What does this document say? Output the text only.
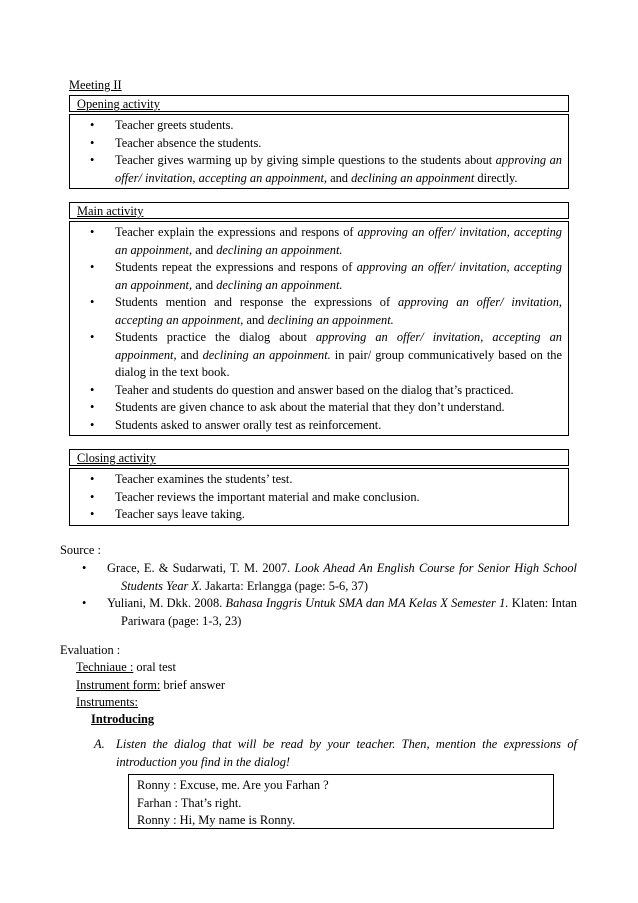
Meeting II
Opening activity
• Teacher greets students.
• Teacher absence the students.
• Teacher gives warming up by giving simple questions to the students about approving an offer/ invitation, accepting an appoinment, and declining an appoinment directly.
Main activity
• Teacher explain the expressions and respons of approving an offer/ invitation, accepting an appoinment, and declining an appoinment.
• Students repeat the expressions and respons of approving an offer/ invitation, accepting an appoinment, and declining an appoinment.
• Students mention and response the expressions of approving an offer/ invitation, accepting an appoinment, and declining an appoinment.
• Students practice the dialog about approving an offer/ invitation, accepting an appoinment, and declining an appoinment. in pair/ group communicatively based on the dialog in the text book.
• Teaher and students do question and answer based on the dialog that’s practiced.
• Students are given chance to ask about the material that they don’t understand.
• Students asked to answer orally test as reinforcement.
Closing activity
• Teacher examines the students’ test.
• Teacher reviews the important material and make conclusion.
• Teacher says leave taking.
Source :
• Grace, E. & Sudarwati, T. M. 2007. Look Ahead An English Course for Senior High School Students Year X. Jakarta: Erlangga (page: 5-6, 37)
• Yuliani, M. Dkk. 2008. Bahasa Inggris Untuk SMA dan MA Kelas X Semester 1. Klaten: Intan Pariwara (page: 1-3, 23)
Evaluation :
Techniaue : oral test
Instrument form: brief answer
Instruments:
Introducing
A. Listen the dialog that will be read by your teacher. Then, mention the expressions of introduction you find in the dialog!
Ronny : Excuse, me. Are you Farhan ?
Farhan : That’s right.
Ronny : Hi, My name is Ronny.
